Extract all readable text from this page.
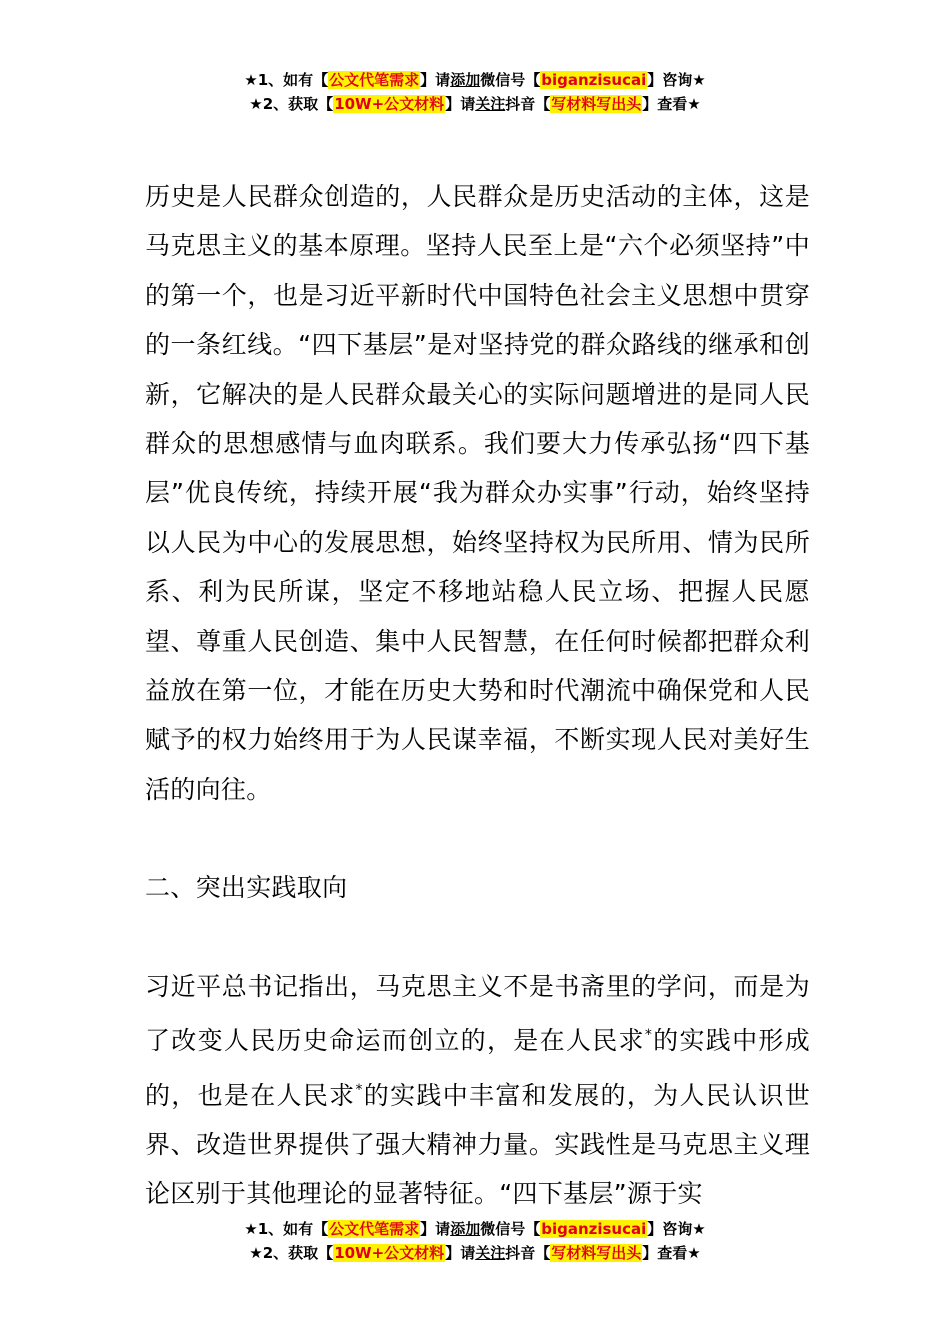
★1、如有【公文代笔需求】请添加微信号【biganzisucai】咨询★
★2、获取【10W+公文材料】请关注抖音【写材料写出头】查看★

历史是人民群众创造的，人民群众是历史活动的主体，这是马克思主义的基本原理。坚持人民至上是“六个必须坚持”中的第一个，也是习近平新时代中国特色社会主义思想中贯穿的一条红线。“四下基层”是对坚持党的群众路线的继承和创新，它解决的是人民群众最关心的实际问题增进的是同人民群众的思想感情与血肉联系。我们要大力传承弘扬“四下基层”优良传统，持续开展“我为群众办实事”行动，始终坚持以人民为中心的发展思想，始终坚持权为民所用、情为民所系、利为民所谋，坚定不移地站稳人民立场、把握人民愿望、尊重人民创造、集中人民智慧，在任何时候都把群众利益放在第一位，才能在历史大势和时代潮流中确保党和人民赋予的权力始终用于为人民谋幸福，不断实现人民对美好生活的向往。

二、突出实践取向

习近平总书记指出，马克思主义不是书斋里的学问，而是为了改变人民历史命运而创立的，是在人民求*的实践中形成的，也是在人民求*的实践中丰富和发展的，为人民认识世界、改造世界提供了强大精神力量。实践性是马克思主义理论区别于其他理论的显著特征。“四下基层”源于实

★1、如有【公文代笔需求】请添加微信号【biganzisucai】咨询★
★2、获取【10W+公文材料】请关注抖音【写材料写出头】查看★
